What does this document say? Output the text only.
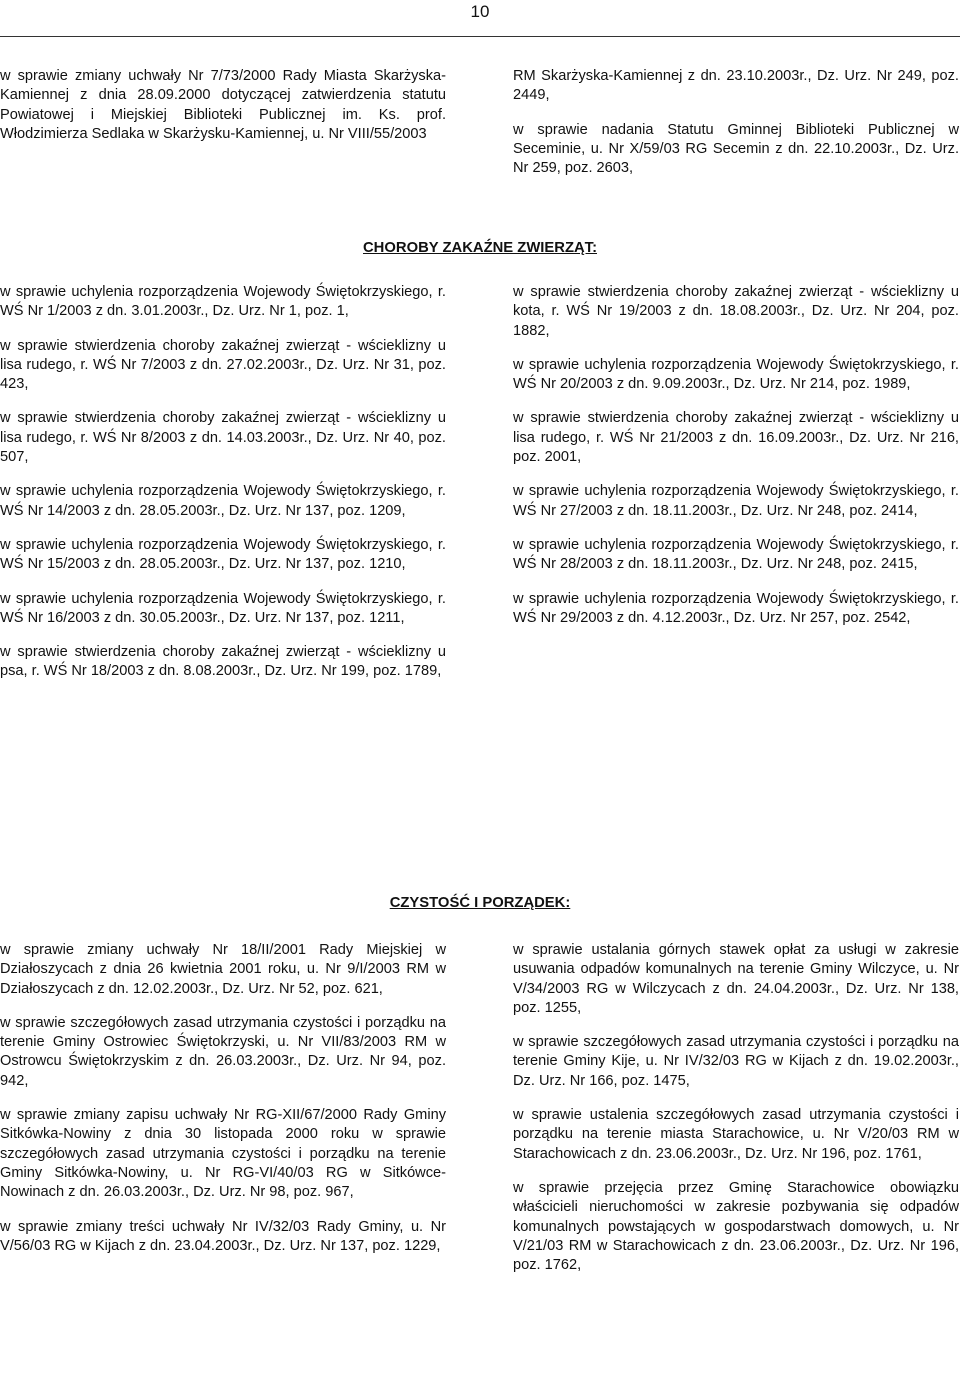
10

w sprawie zmiany uchwały Nr 7/73/2000 Rady Miasta Skarżyska-Kamiennej z dnia 28.09.2000 dotyczącej zatwierdzenia statutu Powiatowej i Miejskiej Biblioteki Publicznej im. Ks. prof. Włodzimierza Sedlaka w Skarżysku-Kamiennej, u. Nr VIII/55/2003

RM Skarżyska-Kamiennej z dn. 23.10.2003r., Dz. Urz. Nr 249, poz. 2449,

w sprawie nadania Statutu Gminnej Biblioteki Publicznej w Seceminie, u. Nr X/59/03 RG Secemin z dn. 22.10.2003r., Dz. Urz. Nr 259, poz. 2603,

CHOROBY ZAKAŹNE ZWIERZĄT:

w sprawie uchylenia rozporządzenia Wojewody Świętokrzyskiego, r. WŚ Nr 1/2003 z dn. 3.01.2003r., Dz. Urz. Nr 1, poz. 1,

w sprawie stwierdzenia choroby zakaźnej zwierząt - wścieklizny u lisa rudego, r. WŚ Nr 7/2003 z dn. 27.02.2003r., Dz. Urz. Nr 31, poz. 423,

w sprawie stwierdzenia choroby zakaźnej zwierząt - wścieklizny u lisa rudego, r. WŚ Nr 8/2003 z dn. 14.03.2003r., Dz. Urz. Nr 40, poz. 507,

w sprawie uchylenia rozporządzenia Wojewody Świętokrzyskiego, r. WŚ Nr 14/2003 z dn. 28.05.2003r., Dz. Urz. Nr 137, poz. 1209,

w sprawie uchylenia rozporządzenia Wojewody Świętokrzyskiego, r. WŚ Nr 15/2003 z dn. 28.05.2003r., Dz. Urz. Nr 137, poz. 1210,

w sprawie uchylenia rozporządzenia Wojewody Świętokrzyskiego, r. WŚ Nr 16/2003 z dn. 30.05.2003r., Dz. Urz. Nr 137, poz. 1211,

w sprawie stwierdzenia choroby zakaźnej zwierząt - wścieklizny u psa, r. WŚ Nr 18/2003 z dn. 8.08.2003r., Dz. Urz. Nr 199, poz. 1789,

w sprawie stwierdzenia choroby zakaźnej zwierząt - wścieklizny u kota, r. WŚ Nr 19/2003 z dn. 18.08.2003r., Dz. Urz. Nr 204, poz. 1882,

w sprawie uchylenia rozporządzenia Wojewody Świętokrzyskiego, r. WŚ Nr 20/2003 z dn. 9.09.2003r., Dz. Urz. Nr 214, poz. 1989,

w sprawie stwierdzenia choroby zakaźnej zwierząt - wścieklizny u lisa rudego, r. WŚ Nr 21/2003 z dn. 16.09.2003r., Dz. Urz. Nr 216, poz. 2001,

w sprawie uchylenia rozporządzenia Wojewody Świętokrzyskiego, r. WŚ Nr 27/2003 z dn. 18.11.2003r., Dz. Urz. Nr 248, poz. 2414,

w sprawie uchylenia rozporządzenia Wojewody Świętokrzyskiego, r. WŚ Nr 28/2003 z dn. 18.11.2003r., Dz. Urz. Nr 248, poz. 2415,

w sprawie uchylenia rozporządzenia Wojewody Świętokrzyskiego, r. WŚ Nr 29/2003 z dn. 4.12.2003r., Dz. Urz. Nr 257, poz. 2542,

CZYSTOŚĆ I PORZĄDEK:

w sprawie zmiany uchwały Nr 18/II/2001 Rady Miejskiej w Działoszycach z dnia 26 kwietnia 2001 roku, u. Nr 9/I/2003 RM w Działoszycach z dn. 12.02.2003r., Dz. Urz. Nr 52, poz. 621,

w sprawie szczegółowych zasad utrzymania czystości i porządku na terenie Gminy Ostrowiec Świętokrzyski, u. Nr VII/83/2003 RM w Ostrowcu Świętokrzyskim z dn. 26.03.2003r., Dz. Urz. Nr 94, poz. 942,

w sprawie zmiany zapisu uchwały Nr RG-XII/67/2000 Rady Gminy Sitkówka-Nowiny z dnia 30 listopada 2000 roku w sprawie szczegółowych zasad utrzymania czystości i porządku na terenie Gminy Sitkówka-Nowiny, u. Nr RG-VI/40/03 RG w Sitkówce-Nowinach z dn. 26.03.2003r., Dz. Urz. Nr 98, poz. 967,

w sprawie zmiany treści uchwały Nr IV/32/03 Rady Gminy, u. Nr V/56/03 RG w Kijach z dn. 23.04.2003r., Dz. Urz. Nr 137, poz. 1229,

w sprawie ustalania górnych stawek opłat za usługi w zakresie usuwania odpadów komunalnych na terenie Gminy Wilczyce, u. Nr V/34/2003 RG w Wilczycach z dn. 24.04.2003r., Dz. Urz. Nr 138, poz. 1255,

w sprawie szczegółowych zasad utrzymania czystości i porządku na terenie Gminy Kije, u. Nr IV/32/03 RG w Kijach z dn. 19.02.2003r., Dz. Urz. Nr 166, poz. 1475,

w sprawie ustalenia szczegółowych zasad utrzymania czystości i porządku na terenie miasta Starachowice, u. Nr V/20/03 RM w Starachowicach z dn. 23.06.2003r., Dz. Urz. Nr 196, poz. 1761,

w sprawie przejęcia przez Gminę Starachowice obowiązku właścicieli nieruchomości w zakresie pozbywania się odpadów komunalnych powstających w gospodarstwach domowych, u. Nr V/21/03 RM w Starachowicach z dn. 23.06.2003r., Dz. Urz. Nr 196, poz. 1762,
